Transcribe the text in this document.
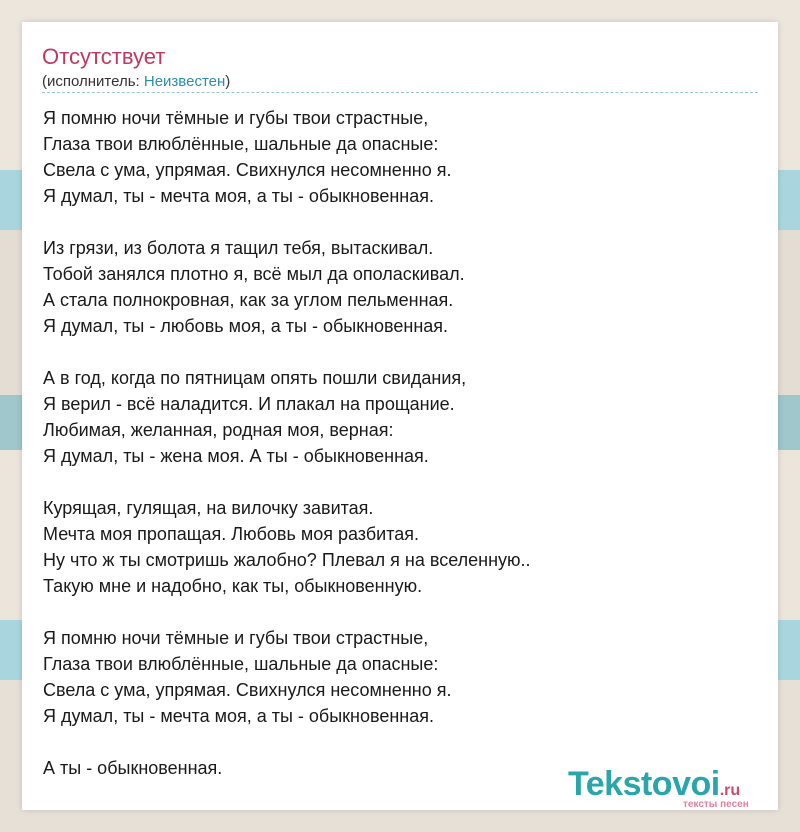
Отсутствует
(исполнитель: Неизвестен)
Я помню ночи тёмные и губы твои страстные,
Глаза твои влюблённые, шальные да опасные:
Свела с ума, упрямая. Свихнулся несомненно я.
Я думал, ты - мечта моя, а ты - обыкновенная.
Из грязи, из болота я тащил тебя, вытаскивал.
Тобой занялся плотно я, всё мыл да ополаскивал.
А стала полнокровная, как за углом пельменная.
Я думал, ты - любовь моя, а ты - обыкновенная.
А в год, когда по пятницам опять пошли свидания,
Я верил - всё наладится. И плакал на прощание.
Любимая, желанная, родная моя, верная:
Я думал, ты - жена моя. А ты - обыкновенная.
Курящая, гулящая, на вилочку завитая.
Мечта моя пропащая. Любовь моя разбитая.
Ну что ж ты смотришь жалобно? Плевал я на вселенную..
Такую мне и надобно, как ты, обыкновенную.
Я помню ночи тёмные и губы твои страстные,
Глаза твои влюблённые, шальные да опасные:
Свела с ума, упрямая. Свихнулся несомненно я.
Я думал, ты - мечта моя, а ты - обыкновенная.
А ты - обыкновенная.	Tekstovoi.ru
тексты песен
